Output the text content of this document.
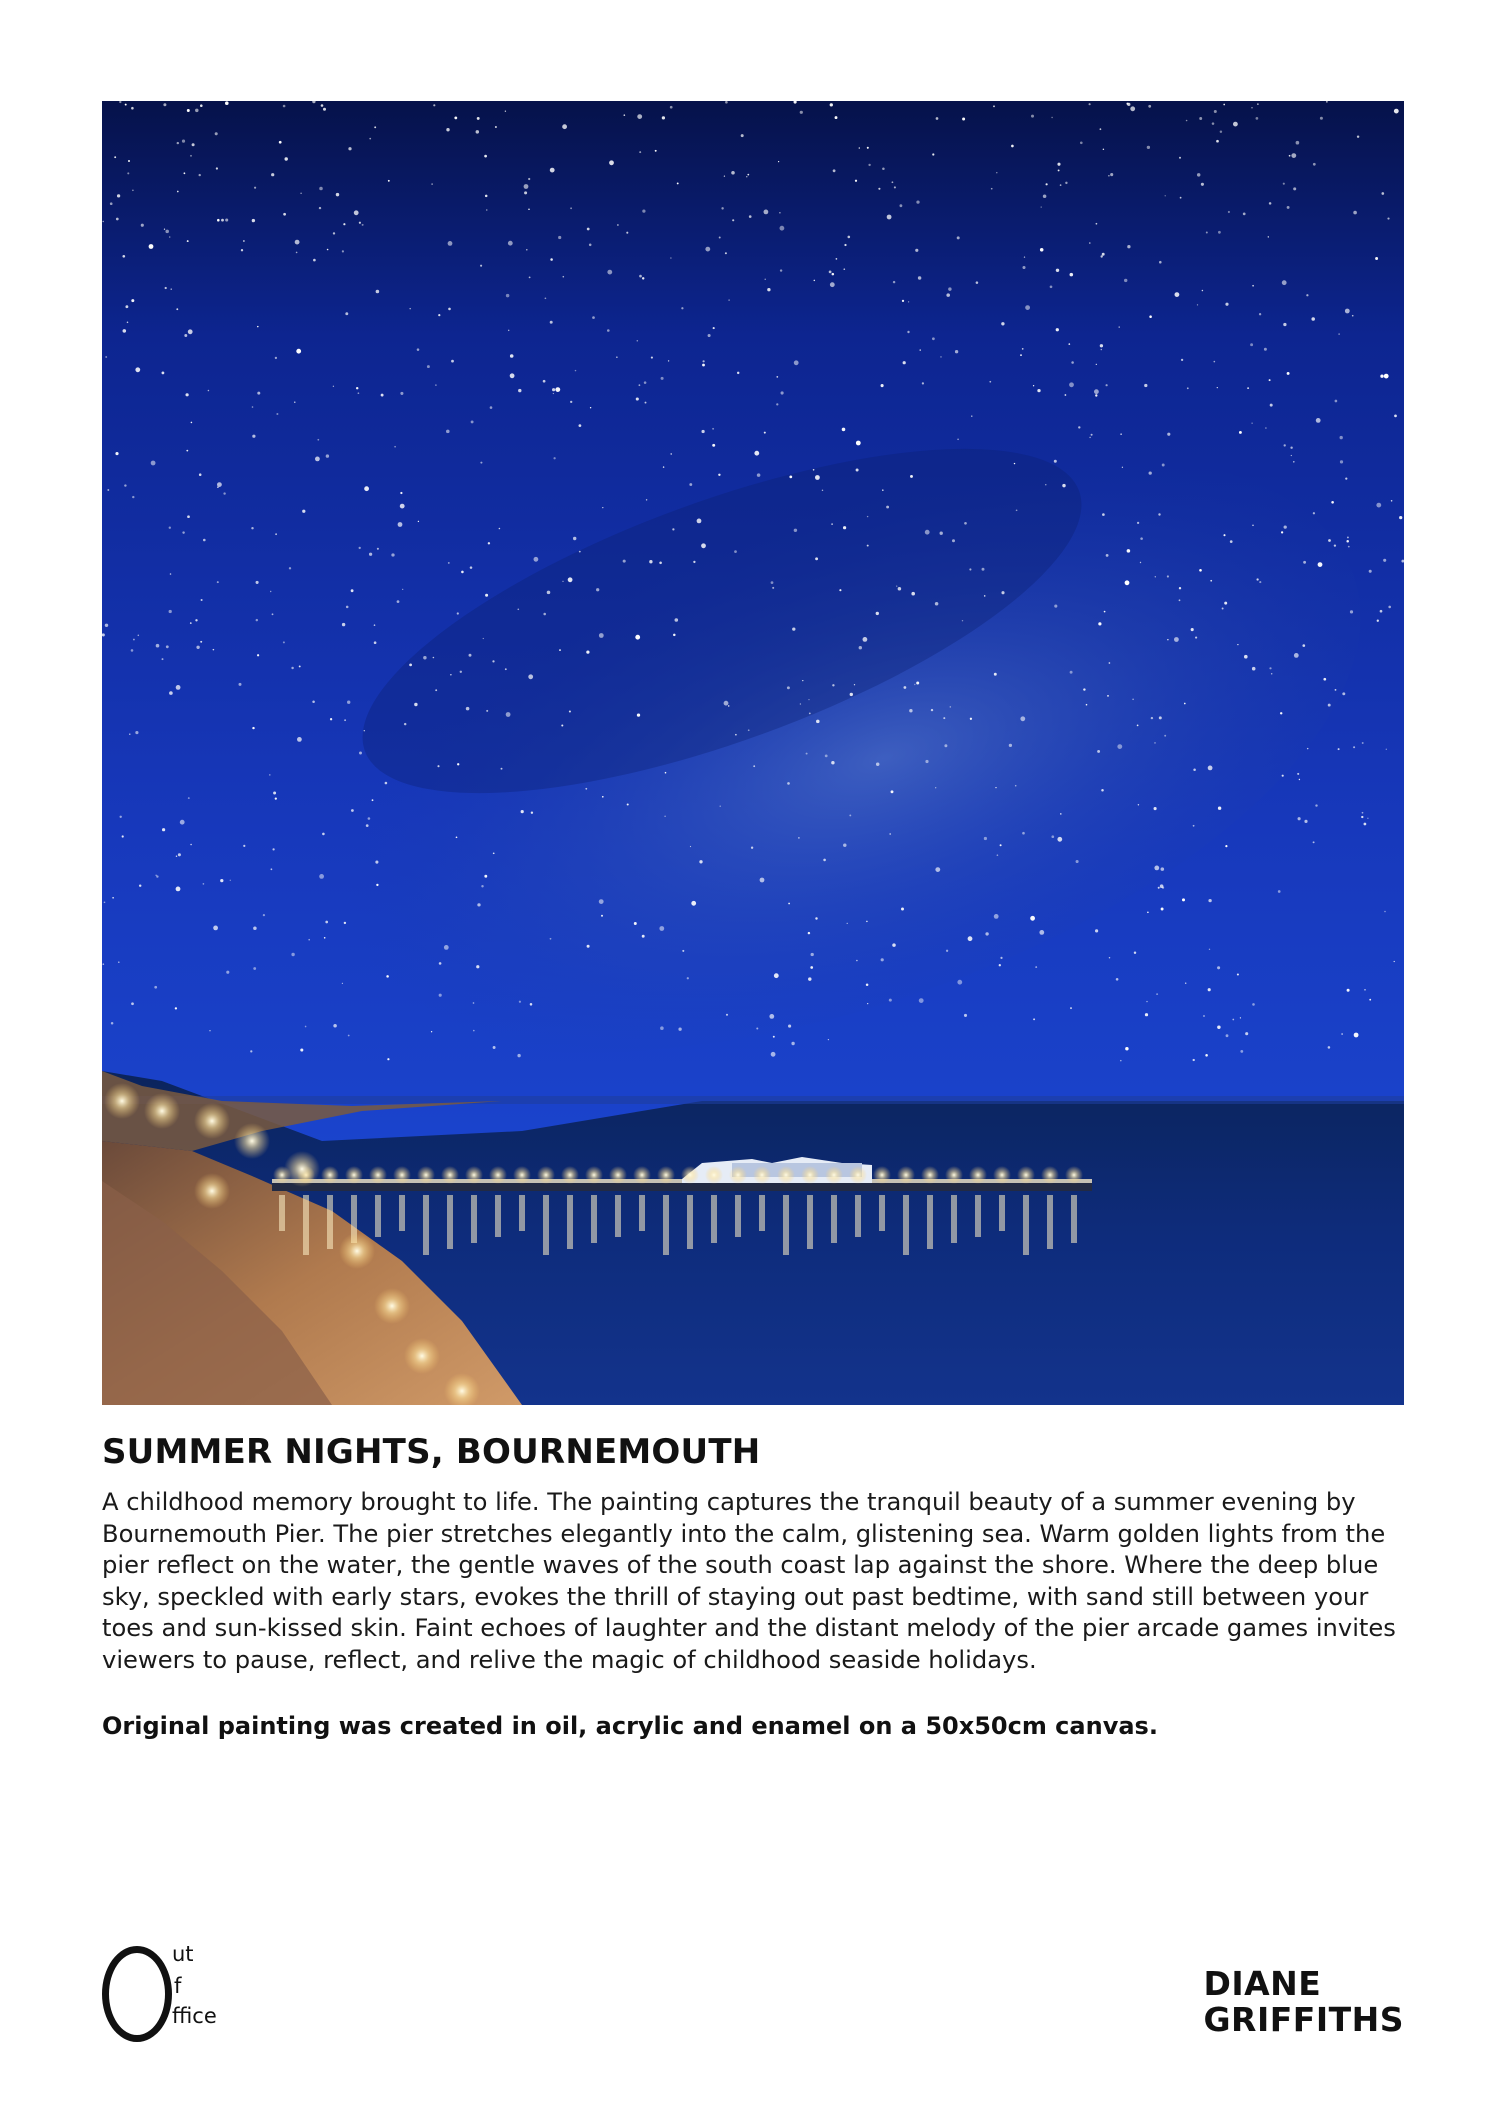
SUMMER NIGHTS, BOURNEMOUTH

A childhood memory brought to life. The painting captures the tranquil beauty of a summer evening by Bournemouth Pier. The pier stretches elegantly into the calm, glistening sea. Warm golden lights from the pier reflect on the water, the gentle waves of the south coast lap against the shore. Where the deep blue sky, speckled with early stars, evokes the thrill of staying out past bedtime, with sand still between your toes and sun-kissed skin. Faint echoes of laughter and the distant melody of the pier arcade games invites viewers to pause, reflect, and relive the magic of childhood seaside holidays.

Original painting was created in oil, acrylic and enamel on a 50x50cm canvas.

ut
f
ffice
DIANE
GRIFFITHS
